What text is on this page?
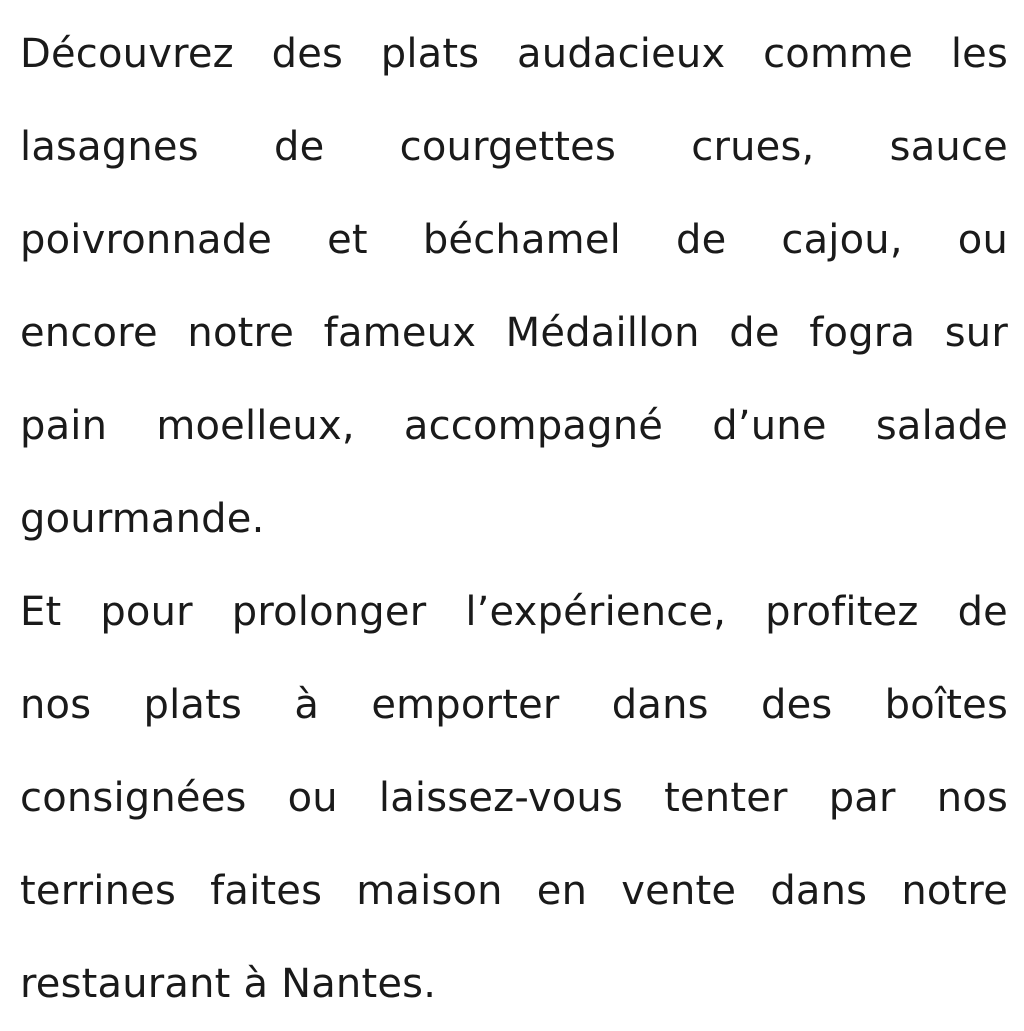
Découvrez des plats audacieux comme les
lasagnes de courgettes crues, sauce
poivronnade et béchamel de cajou, ou
encore notre fameux Médaillon de fogra sur
pain moelleux, accompagné d’une salade
gourmande.
Et pour prolonger l’expérience, profitez de
nos plats à emporter dans des boîtes
consignées ou laissez-vous tenter par nos
terrines faites maison en vente dans notre
restaurant à Nantes.
